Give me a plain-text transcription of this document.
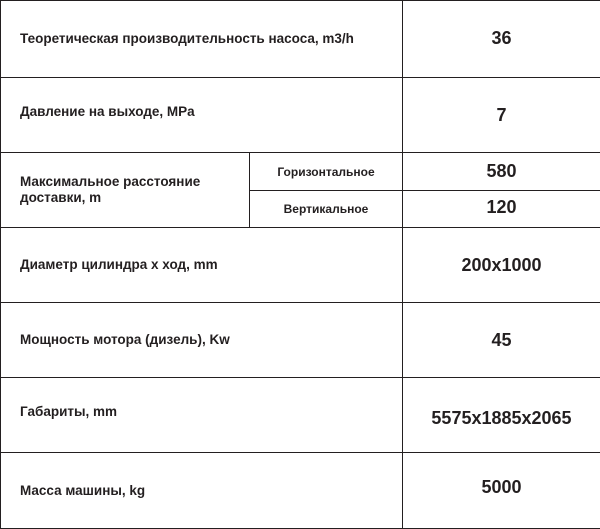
Теоретическая производительность насоса, m3/h	36
Давление на выходе, MPa	7
Максимальное расстояние доставки, m
Горизонтальное	580
Вертикальное	120
Диаметр цилиндра x ход, mm	200x1000
Мощность мотора (дизель), Kw	45
Габариты, mm	5575x1885x2065
Масса машины, kg	5000
